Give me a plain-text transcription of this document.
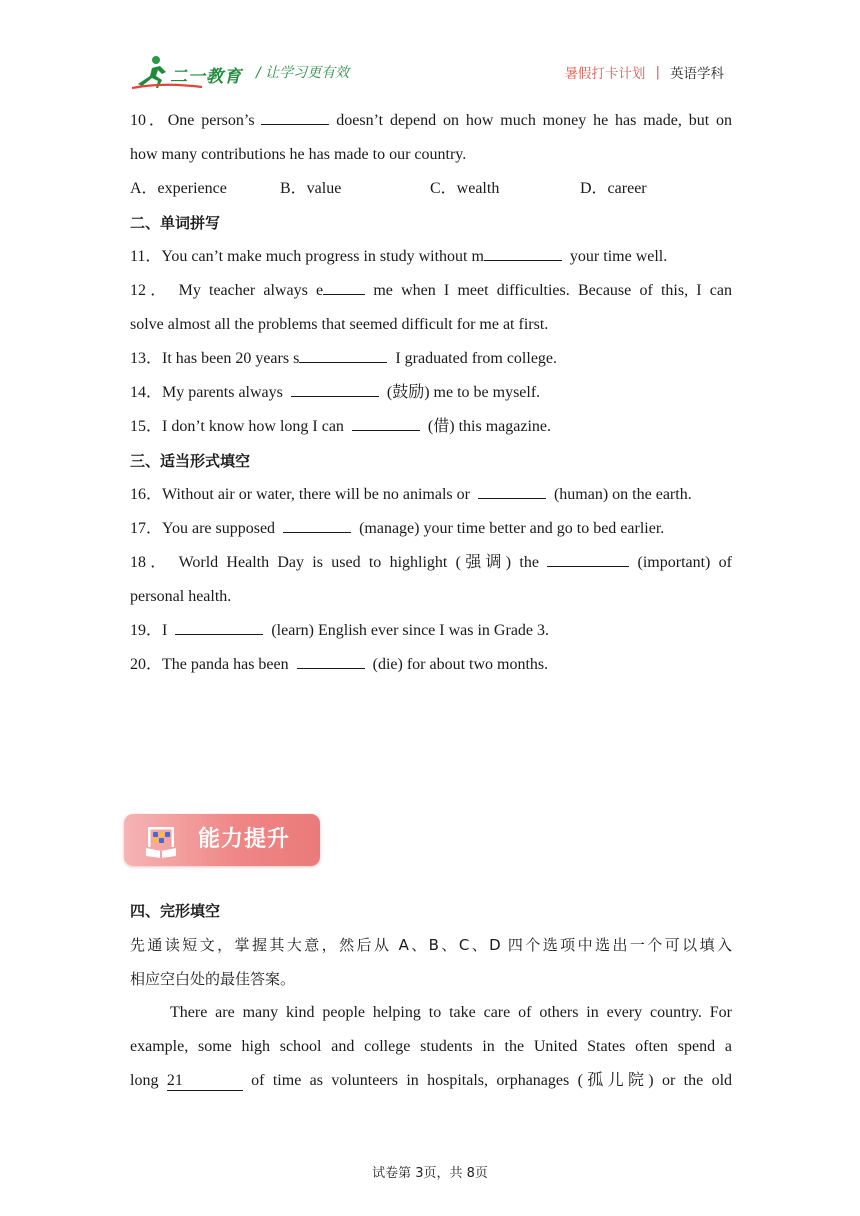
二一教育 / 让学习更有效	暑假打卡计划 | 英语学科
10．One person’s	doesn’t depend on how much money he has made, but on
how many contributions he has made to our country.
A．experience	B．value	C．wealth	D．career
二、单词拼写
11．You can’t make much progress in study without m	your time well.
12． My teacher always e	me when I meet difficulties. Because of this, I can
solve almost all the problems that seemed difficult for me at first.
13．It has been 20 years s	I graduated from college.
14．My parents always	(鼓励) me to be myself.
15．I don’t know how long I can	(借) this magazine.
三、适当形式填空
16．Without air or water, there will be no animals or	(human) on the earth.
17．You are supposed	(manage) your time better and go to bed earlier.
18． World Health Day is used to highlight (强调) the	(important) of
personal health.
19．I	(learn) English ever since I was in Grade 3.
20．The panda has been	(die) for about two months.
能力提升
四、完形填空
先通读短文，掌握其大意，然后从 A、B、C、D 四个选项中选出一个可以填入
相应空白处的最佳答案。
There are many kind people helping to take care of others in every country. For
example, some high school and college students in the United States often spend a
long 21	of time as volunteers in hospitals, orphanages (孤儿院) or the old
试卷第 3页，共 8页
